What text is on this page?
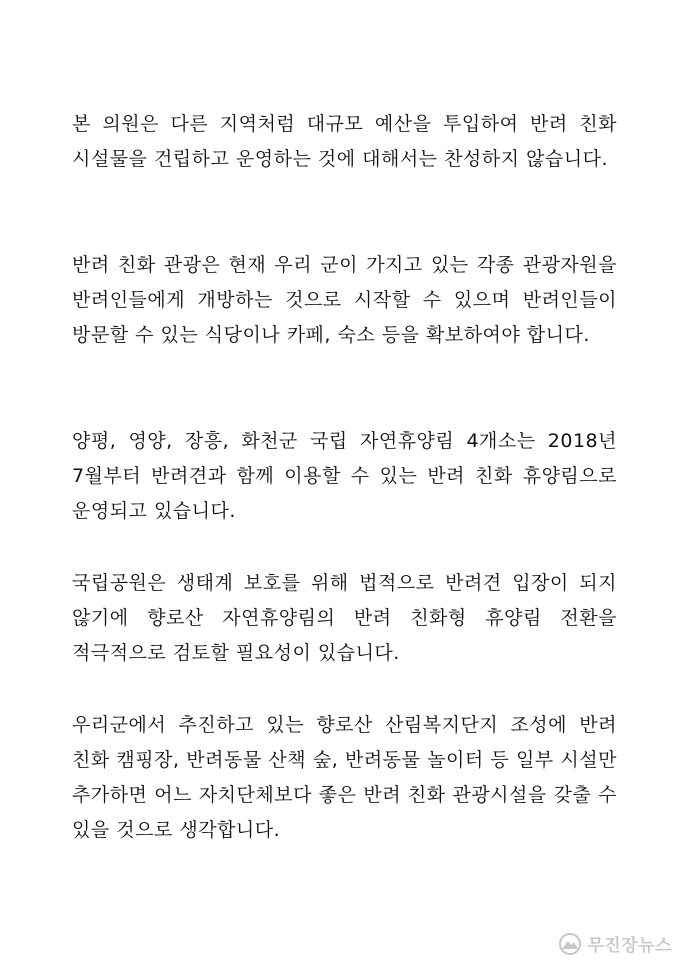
본 의원은 다른 지역처럼 대규모 예산을 투입하여 반려 친화 시설물을 건립하고 운영하는 것에 대해서는 찬성하지 않습니다.

반려 친화 관광은 현재 우리 군이 가지고 있는 각종 관광자원을 반려인들에게 개방하는 것으로 시작할 수 있으며 반려인들이 방문할 수 있는 식당이나 카페, 숙소 등을 확보하여야 합니다.

양평, 영양, 장흥, 화천군 국립 자연휴양림 4개소는 2018년 7월부터 반려견과 함께 이용할 수 있는 반려 친화 휴양림으로 운영되고 있습니다.

국립공원은 생태계 보호를 위해 법적으로 반려견 입장이 되지 않기에 향로산 자연휴양림의 반려 친화형 휴양림 전환을 적극적으로 검토할 필요성이 있습니다.

우리군에서 추진하고 있는 향로산 산림복지단지 조성에 반려 친화 캠핑장, 반려동물 산책 숲, 반려동물 놀이터 등 일부 시설만 추가하면 어느 자치단체보다 좋은 반려 친화 관광시설을 갖출 수 있을 것으로 생각합니다.

무진장뉴스
